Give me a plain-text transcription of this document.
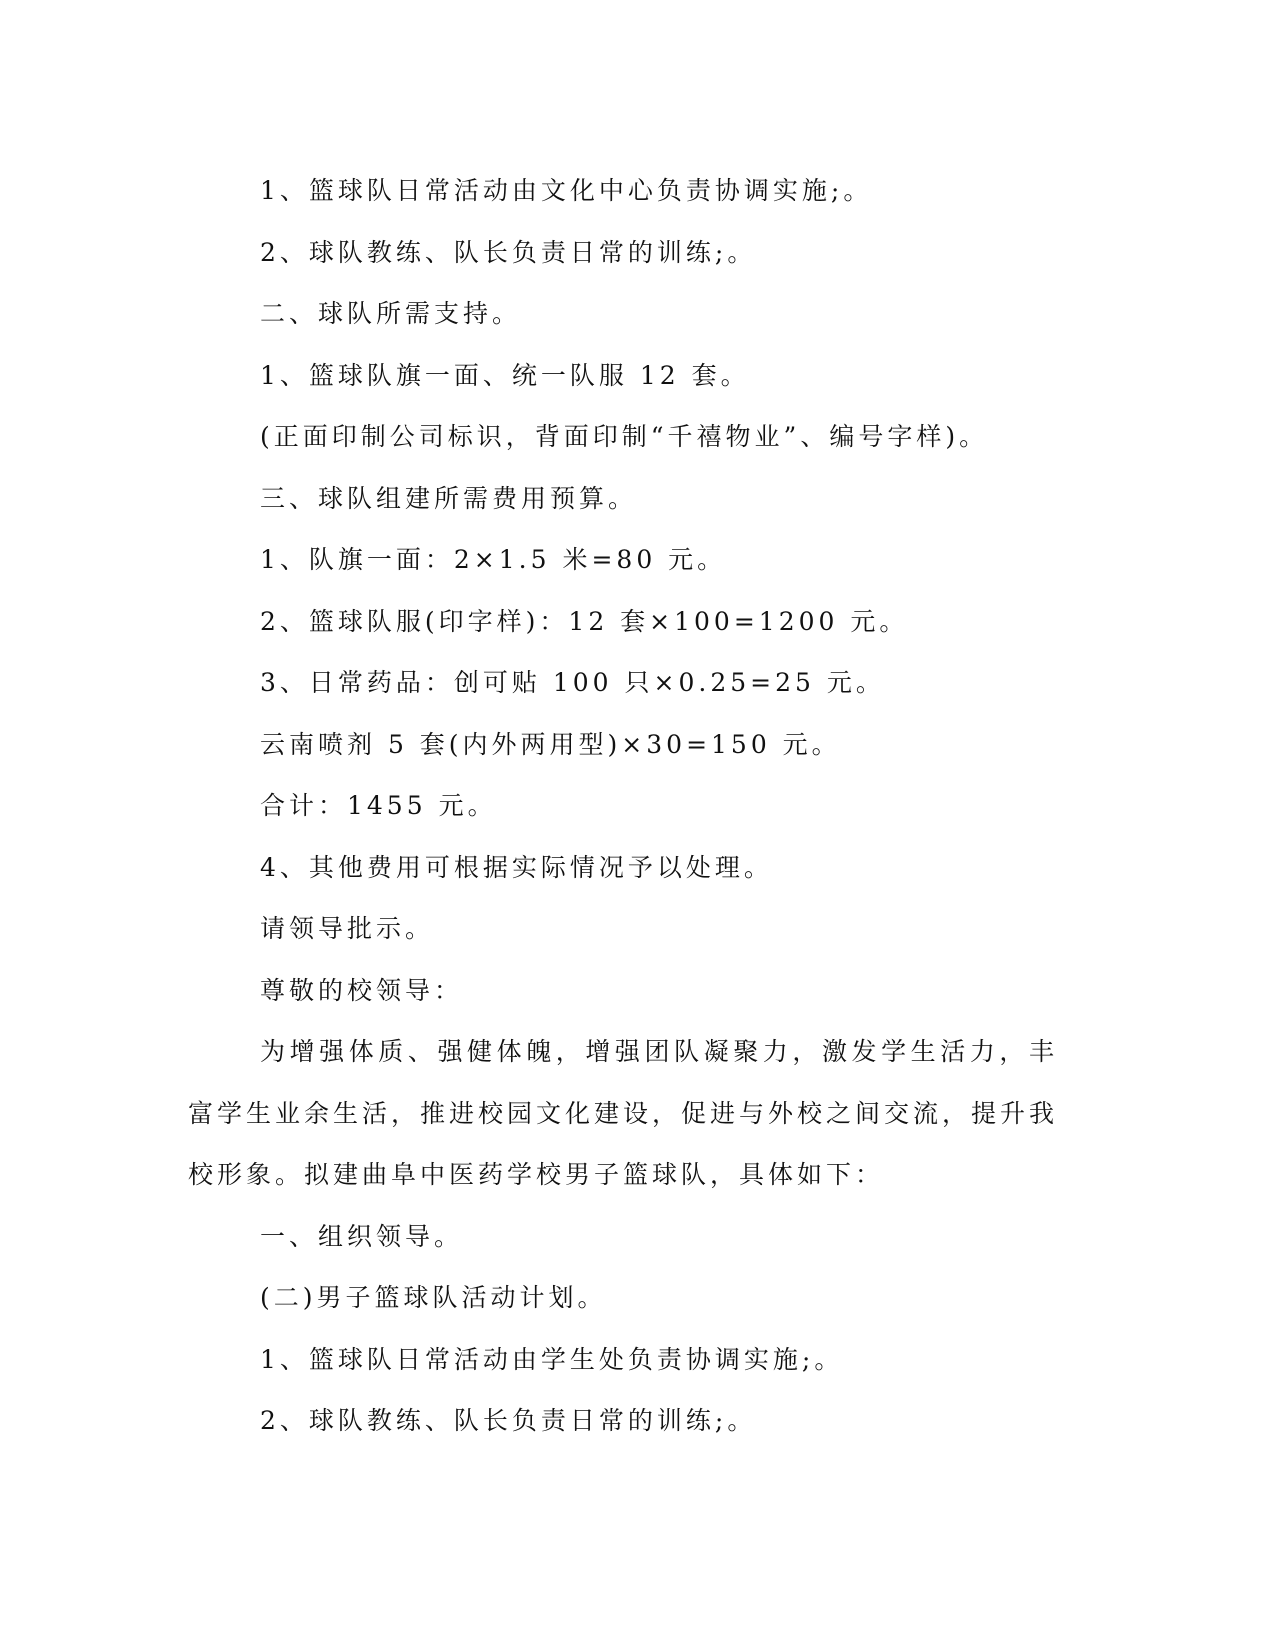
1、篮球队日常活动由文化中心负责协调实施;。

2、球队教练、队长负责日常的训练;。

二、球队所需支持。

1、篮球队旗一面、统一队服 12 套。

(正面印制公司标识，背面印制“千禧物业”、编号字样)。

三、球队组建所需费用预算。

1、队旗一面：2×1.5 米=80 元。

2、篮球队服(印字样)：12 套×100=1200 元。

3、日常药品：创可贴 100 只×0.25=25 元。

云南喷剂 5 套(内外两用型)×30=150 元。

合计：1455 元。

4、其他费用可根据实际情况予以处理。

请领导批示。

尊敬的校领导：

为增强体质、强健体魄，增强团队凝聚力，激发学生活力，丰富学生业余生活，推进校园文化建设，促进与外校之间交流，提升我校形象。拟建曲阜中医药学校男子篮球队，具体如下：

一、组织领导。

(二)男子篮球队活动计划。

1、篮球队日常活动由学生处负责协调实施;。

2、球队教练、队长负责日常的训练;。
